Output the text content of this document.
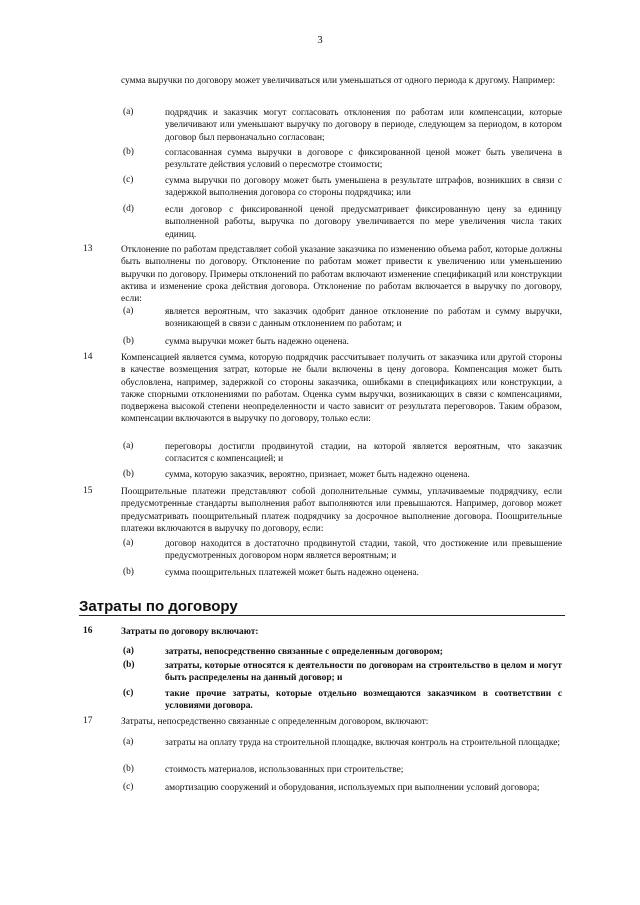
3
сумма выручки по договору может увеличиваться или уменьшаться от одного периода к другому. Например:
(a)	подрядчик и заказчик могут согласовать отклонения по работам или компенсации, которые увеличивают или уменьшают выручку по договору в периоде, следующем за периодом, в котором договор был первоначально согласован;
(b)	согласованная сумма выручки в договоре с фиксированной ценой может быть увеличена в результате действия условий о пересмотре стоимости;
(c)	сумма выручки по договору может быть уменьшена в результате штрафов, возникших в связи с задержкой выполнения договора со стороны подрядчика; или
(d)	если договор с фиксированной ценой предусматривает фиксированную цену за единицу выполненной работы, выручка по договору увеличивается по мере увеличения числа таких единиц.
13	Отклонение по работам представляет собой указание заказчика по изменению объема работ, которые должны быть выполнены по договору. Отклонение по работам может привести к увеличению или уменьшению выручки по договору. Примеры отклонений по работам включают изменение спецификаций или конструкции актива и изменение срока действия договора. Отклонение по работам включается в выручку по договору, если:
(a)	является вероятным, что заказчик одобрит данное отклонение по работам и сумму выручки, возникающей в связи с данным отклонением по работам; и
(b)	сумма выручки может быть надежно оценена.
14	Компенсацией является сумма, которую подрядчик рассчитывает получить от заказчика или другой стороны в качестве возмещения затрат, которые не были включены в цену договора. Компенсация может быть обусловлена, например, задержкой со стороны заказчика, ошибками в спецификациях или конструкции, а также спорными отклонениями по работам. Оценка сумм выручки, возникающих в связи с компенсациями, подвержена высокой степени неопределенности и часто зависит от результата переговоров. Таким образом, компенсации включаются в выручку по договору, только если:
(a)	переговоры достигли продвинутой стадии, на которой является вероятным, что заказчик согласится с компенсацией; и
(b)	сумма, которую заказчик, вероятно, признает, может быть надежно оценена.
15	Поощрительные платежи представляют собой дополнительные суммы, уплачиваемые подрядчику, если предусмотренные стандарты выполнения работ выполняются или превышаются. Например, договор может предусматривать поощрительный платеж подрядчику за досрочное выполнение договора. Поощрительные платежи включаются в выручку по договору, если:
(a)	договор находится в достаточно продвинутой стадии, такой, что достижение или превышение предусмотренных договором норм является вероятным; и
(b)	сумма поощрительных платежей может быть надежно оценена.
Затраты по договору
16	Затраты по договору включают:
(a)	затраты, непосредственно связанные с определенным договором;
(b)	затраты, которые относятся к деятельности по договорам на строительство в целом и могут быть распределены на данный договор; и
(c)	такие прочие затраты, которые отдельно возмещаются заказчиком в соответствии с условиями договора.
17	Затраты, непосредственно связанные с определенным договором, включают:
(a)	затраты на оплату труда на строительной площадке, включая контроль на строительной площадке;
(b)	стоимость материалов, использованных при строительстве;
(c)	амортизацию сооружений и оборудования, используемых при выполнении условий договора;
